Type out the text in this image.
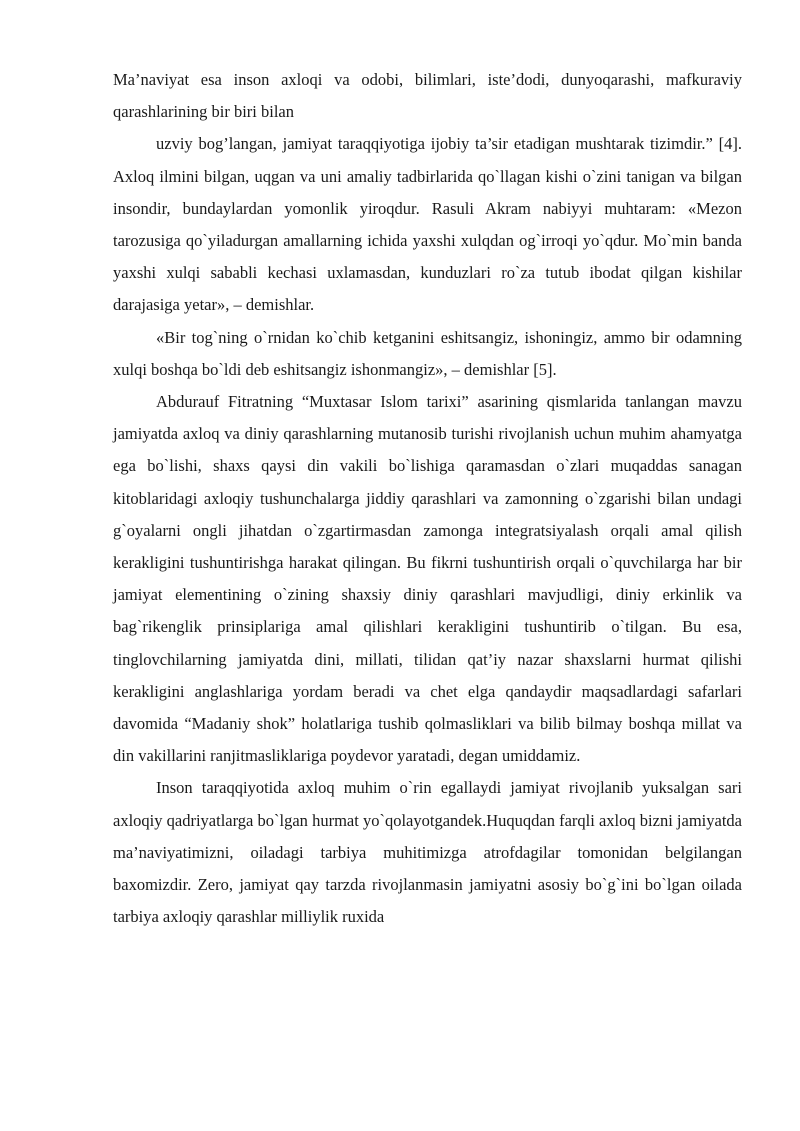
Ma’naviyat esa inson axloqi va odobi, bilimlari, iste’dodi, dunyoqarashi, mafkuraviy qarashlarining bir biri bilan

uzviy bog’langan, jamiyat taraqqiyotiga ijobiy ta’sir etadigan mushtarak tizimdir.” [4]. Axloq ilmini bilgan, uqgan va uni amaliy tadbirlarida qo`llagan kishi o`zini tanigan va bilgan insondir, bundaylardan yomonlik yiroqdur. Rasuli Akram nabiyyi muhtaram: «Mezon tarozusiga qo`yiladurgan amallarning ichida yaxshi xulqdan og`irroqi yo`qdur. Mo`min banda yaxshi xulqi sababli kechasi uxlamasdan, kunduzlari ro`za tutub ibodat qilgan kishilar darajasiga yetar», – demishlar.

«Bir tog`ning o`rnidan ko`chib ketganini eshitsangiz, ishoningiz, ammo bir odamning xulqi boshqa bo`ldi deb eshitsangiz ishonmangiz», – demishlar [5].

Abdurauf Fitratning “Muxtasar Islom tarixi” asarining qismlarida tanlangan mavzu jamiyatda axloq va diniy qarashlarning mutanosib turishi rivojlanish uchun muhim ahamyatga ega bo`lishi, shaxs qaysi din vakili bo`lishiga qaramasdan o`zlari muqaddas sanagan kitoblaridagi axloqiy tushunchalarga jiddiy qarashlari va zamonning o`zgarishi bilan undagi g`oyalarni ongli jihatdan o`zgartirmasdan zamonga integratsiyalash orqali amal qilish kerakligini tushuntirishga harakat qilingan. Bu fikrni tushuntirish orqali o`quvchilarga har bir jamiyat elementining o`zining shaxsiy diniy qarashlari mavjudligi, diniy erkinlik va bag`rikenglik prinsiplariga amal qilishlari kerakligini tushuntirib o`tilgan. Bu esa, tinglovchilarning jamiyatda dini, millati, tilidan qat’iy nazar shaxslarni hurmat qilishi kerakligini anglashlariga yordam beradi va chet elga qandaydir maqsadlardagi safarlari davomida “Madaniy shok” holatlariga tushib qolmasliklari va bilib bilmay boshqa millat va din vakillarini ranjitmasliklariga poydevor yaratadi, degan umiddamiz.

Inson taraqqiyotida axloq muhim o`rin egallaydi jamiyat rivojlanib yuksalgan sari axloqiy qadriyatlarga bo`lgan hurmat yo`qolayotgandek.Huquqdan farqli axloq bizni jamiyatda ma’naviyatimizni, oiladagi tarbiya muhitimizga atrofdagilar tomonidan belgilangan baxomizdir. Zero, jamiyat qay tarzda rivojlanmasin jamiyatni asosiy bo`g`ini bo`lgan oilada tarbiya axloqiy qarashlar milliylik ruxida
